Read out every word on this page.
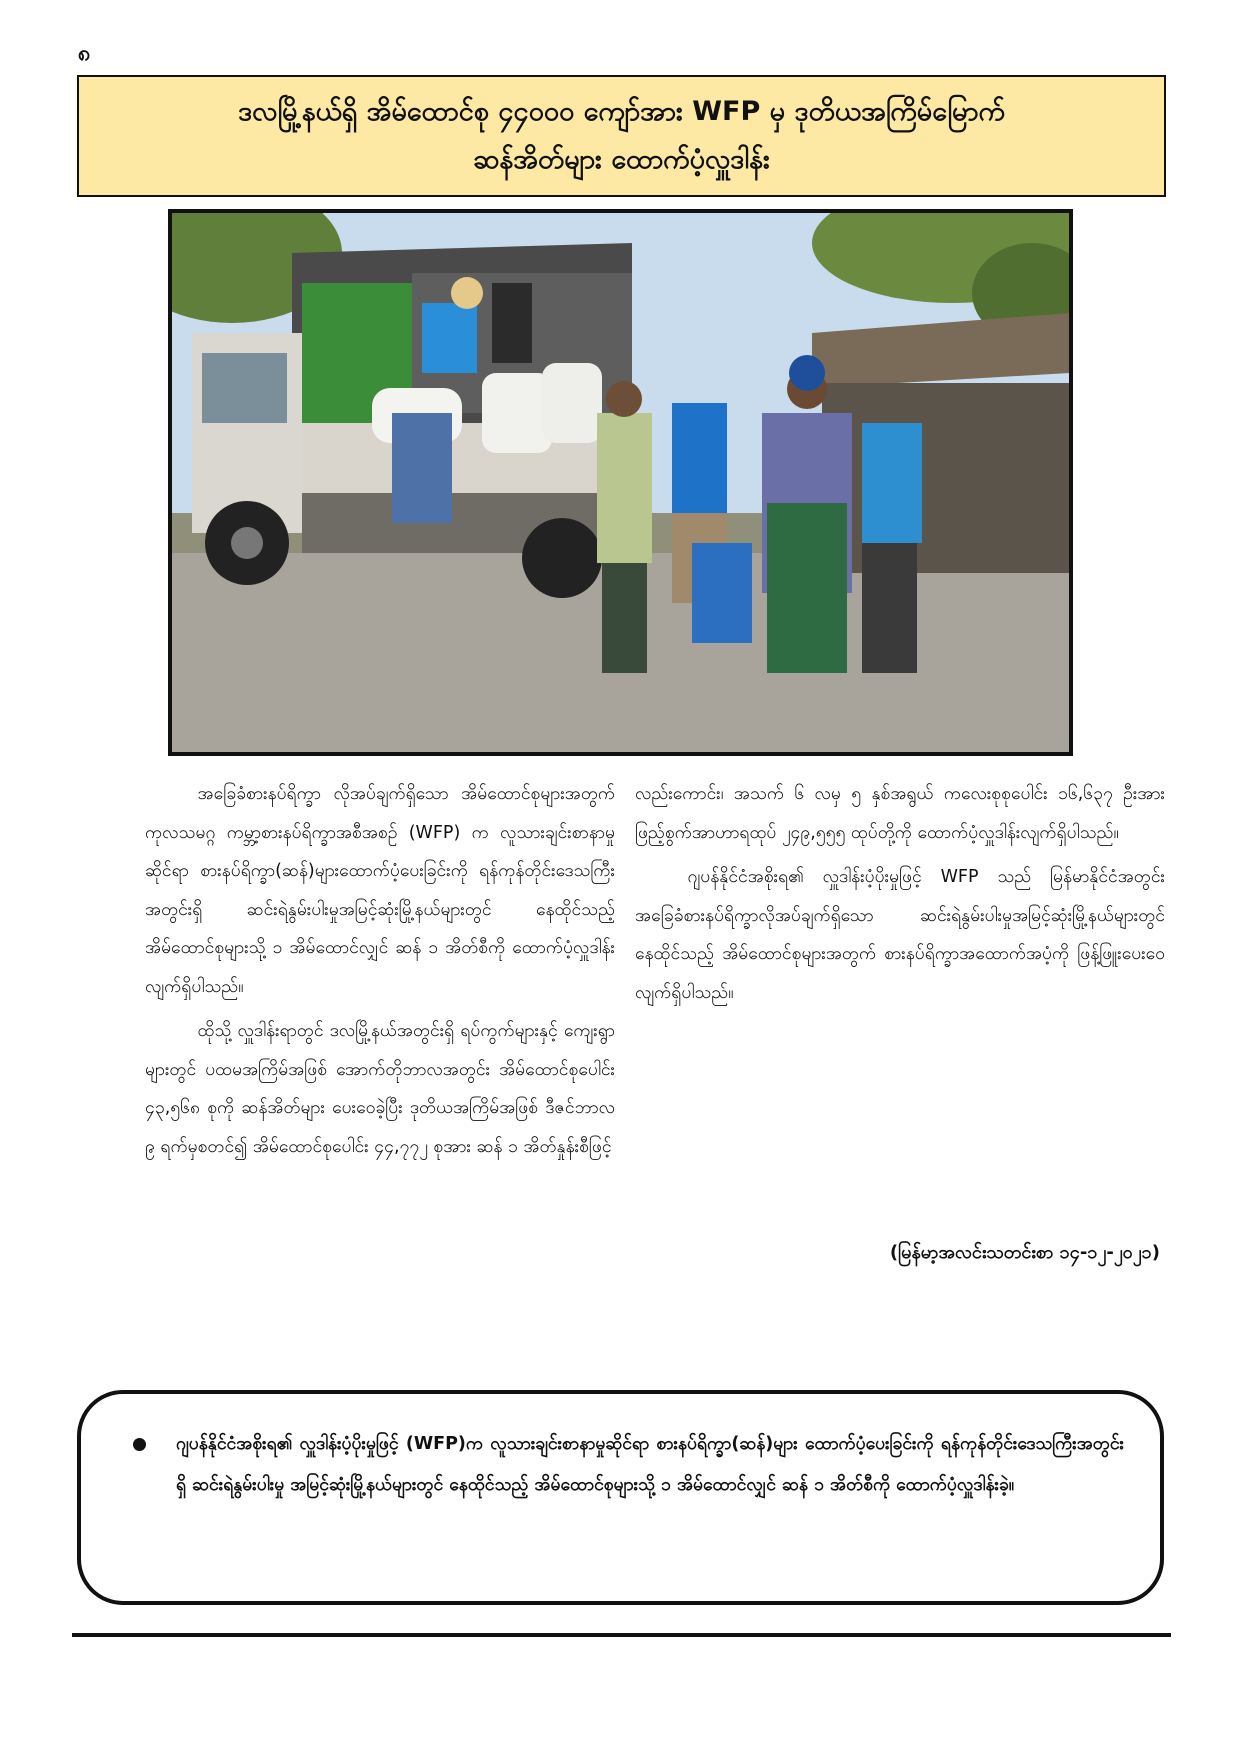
၈
ဒလမြို့နယ်ရှိ အိမ်ထောင်စု ၄၄၀၀၀ ကျော်အား WFP မှ ဒုတိယအကြိမ်မြောက်
ဆန်အိတ်များ ထောက်ပံ့လှူဒါန်း

အခြေခံစားနပ်ရိက္ခာ လိုအပ်ချက်ရှိသော အိမ်ထောင်စုများအတွက် ကုလသမဂ္ဂ ကမ္ဘာ့စားနပ်ရိက္ခာအစီအစဉ် (WFP) က လူသားချင်းစာနာမှုဆိုင်ရာ စားနပ်ရိက္ခာ(ဆန်)များထောက်ပံ့ပေးခြင်းကို ရန်ကုန်တိုင်းဒေသကြီးအတွင်းရှိ ဆင်းရဲနွမ်းပါးမှုအမြင့်ဆုံးမြို့နယ်များတွင် နေထိုင်သည့် အိမ်ထောင်စုများသို့ ၁ အိမ်ထောင်လျှင် ဆန် ၁ အိတ်စီကို ထောက်ပံ့လှူဒါန်းလျက်ရှိပါသည်။

ထိုသို့ လှူဒါန်းရာတွင် ဒလမြို့နယ်အတွင်းရှိ ရပ်ကွက်များနှင့် ကျေးရွာများတွင် ပထမအကြိမ်အဖြစ် အောက်တိုဘာလအတွင်း အိမ်ထောင်စုပေါင်း ၄၃,၅၆၈ စုကို ဆန်အိတ်များ ပေးဝေခဲ့ပြီး ဒုတိယအကြိမ်အဖြစ် ဒီဇင်ဘာလ ၉ ရက်မှစတင်၍ အိမ်ထောင်စုပေါင်း ၄၄,၇၇၂ စုအား ဆန် ၁ အိတ်နှုန်းစီဖြင့်

လည်းကောင်း၊ အသက် ၆ လမှ ၅ နှစ်အရွယ် ကလေးစုစုပေါင်း ၁၆,၆၃၇ ဦးအား ဖြည့်စွက်အာဟာရထုပ် ၂၄၉,၅၅၅ ထုပ်တို့ကို ထောက်ပံ့လှူဒါန်းလျက်ရှိပါသည်။

ဂျပန်နိုင်ငံအစိုးရ၏ လှူဒါန်းပံ့ပိုးမှုဖြင့် WFP သည် မြန်မာနိုင်ငံအတွင်း အခြေခံစားနပ်ရိက္ခာလိုအပ်ချက်ရှိသော ဆင်းရဲနွမ်းပါးမှုအမြင့်ဆုံးမြို့နယ်များတွင် နေထိုင်သည့် အိမ်ထောင်စုများအတွက် စားနပ်ရိက္ခာအထောက်အပံ့ကို ဖြန့်ဖြူးပေးဝေလျက်ရှိပါသည်။

(မြန်မာ့အလင်းသတင်းစာ ၁၄-၁၂-၂၀၂၁)
ဂျပန်နိုင်ငံအစိုးရ၏ လှူဒါန်းပံ့ပိုးမှုဖြင့် (WFP)က လူသားချင်းစာနာမှုဆိုင်ရာ စားနပ်ရိက္ခာ(ဆန်)များ ထောက်ပံ့ပေးခြင်းကို ရန်ကုန်တိုင်းဒေသကြီးအတွင်းရှိ ဆင်းရဲနွမ်းပါးမှု အမြင့်ဆုံးမြို့နယ်များတွင် နေထိုင်သည့် အိမ်ထောင်စုများသို့ ၁ အိမ်ထောင်လျှင် ဆန် ၁ အိတ်စီကို ထောက်ပံ့လှူဒါန်းခဲ့။
